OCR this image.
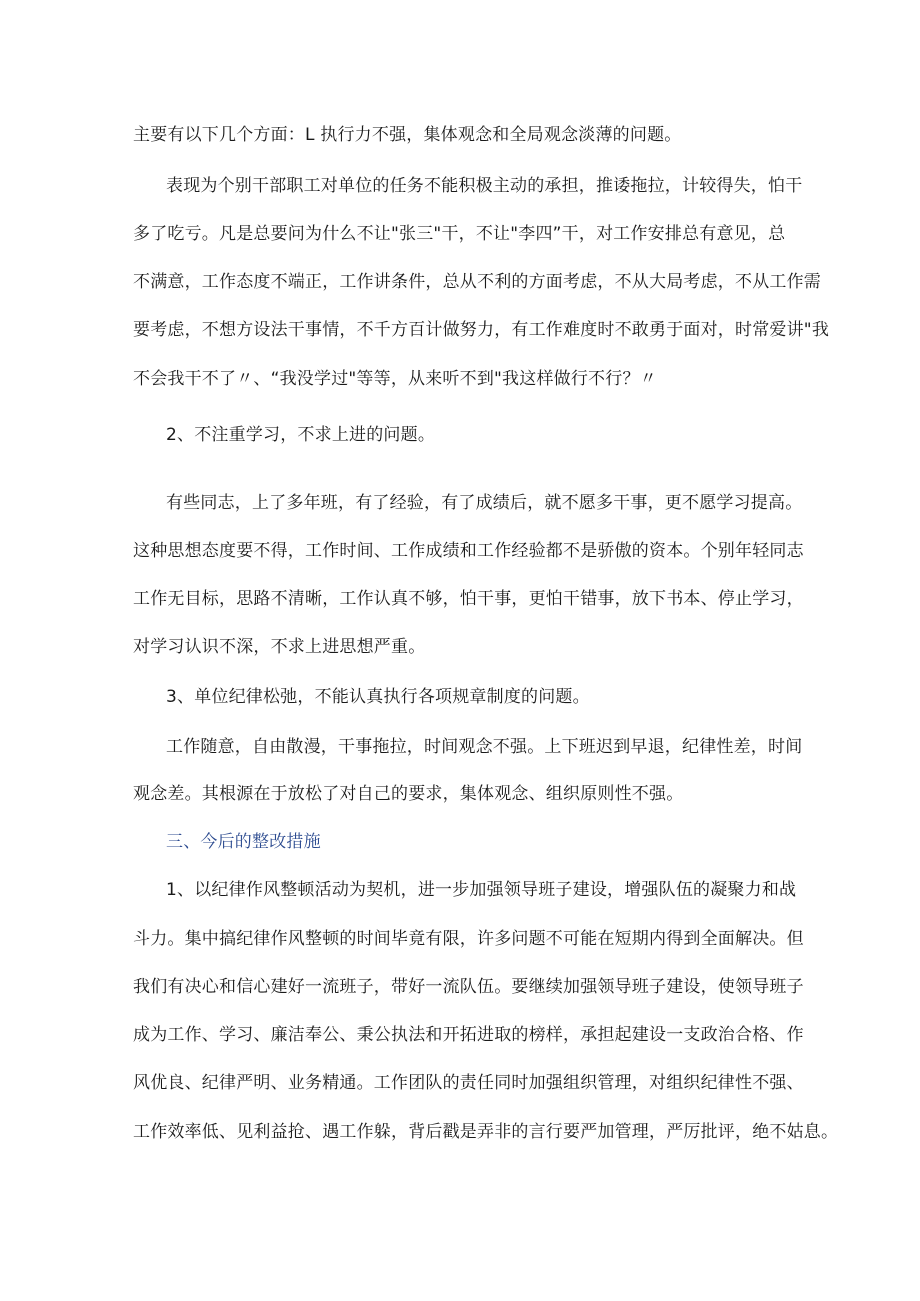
主要有以下几个方面：L 执行力不强，集体观念和全局观念淡薄的问题。
表现为个别干部职工对单位的任务不能积极主动的承担，推诿拖拉，计较得失，怕干
多了吃亏。凡是总要问为什么不让"张三"干，不让"李四”干，对工作安排总有意见，总
不满意，工作态度不端正，工作讲条件，总从不利的方面考虑，不从大局考虑，不从工作需
要考虑，不想方设法干事情，不千方百计做努力，有工作难度时不敢勇于面对，时常爱讲"我
不会我干不了〃、“我没学过"等等，从来听不到"我这样做行不行？〃
2、不注重学习，不求上进的问题。
有些同志，上了多年班，有了经验，有了成绩后，就不愿多干事，更不愿学习提高。
这种思想态度要不得，工作时间、工作成绩和工作经验都不是骄傲的资本。个别年轻同志
工作无目标，思路不清晰，工作认真不够，怕干事，更怕干错事，放下书本、停止学习，
对学习认识不深，不求上进思想严重。
3、单位纪律松弛，不能认真执行各项规章制度的问题。
工作随意，自由散漫，干事拖拉，时间观念不强。上下班迟到早退，纪律性差，时间
观念差。其根源在于放松了对自己的要求，集体观念、组织原则性不强。
三、今后的整改措施
1、以纪律作风整顿活动为契机，进一步加强领导班子建设，增强队伍的凝聚力和战
斗力。集中搞纪律作风整顿的时间毕竟有限，许多问题不可能在短期内得到全面解决。但
我们有决心和信心建好一流班子，带好一流队伍。要继续加强领导班子建设，使领导班子
成为工作、学习、廉洁奉公、秉公执法和开拓进取的榜样，承担起建设一支政治合格、作
风优良、纪律严明、业务精通。工作团队的责任同时加强组织管理，对组织纪律性不强、
工作效率低、见利益抢、遇工作躲，背后戳是弄非的言行要严加管理，严厉批评，绝不姑息。
